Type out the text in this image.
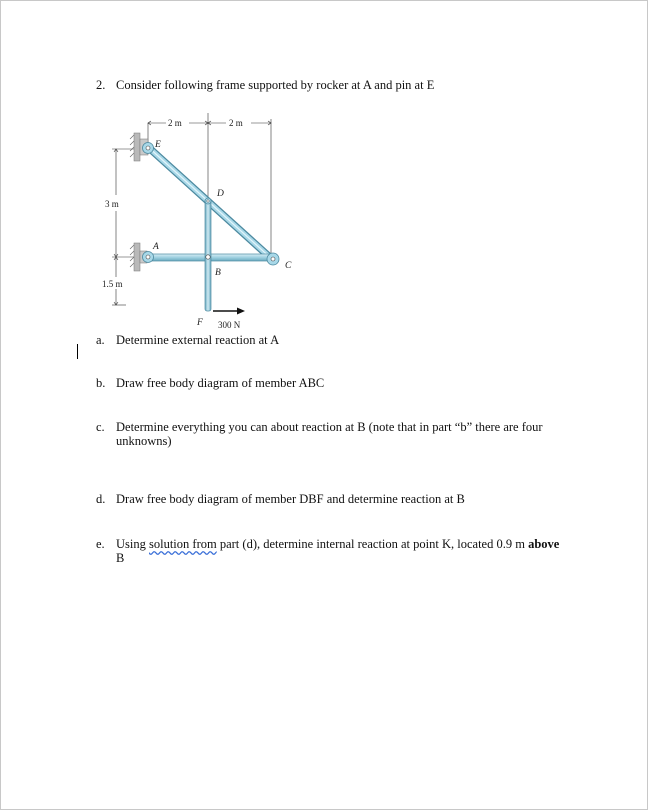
2. Consider following frame supported by rocker at A and pin at E
2 m	2 m
3 m
1.5 m
E
D
A
B
C
F 300 N
a. Determine external reaction at A
b. Draw free body diagram of member ABC
c. Determine everything you can about reaction at B (note that in part “b” there are four
unknowns)
d. Draw free body diagram of member DBF and determine reaction at B
e. Using solution from part (d), determine internal reaction at point K, located 0.9 m above
B
